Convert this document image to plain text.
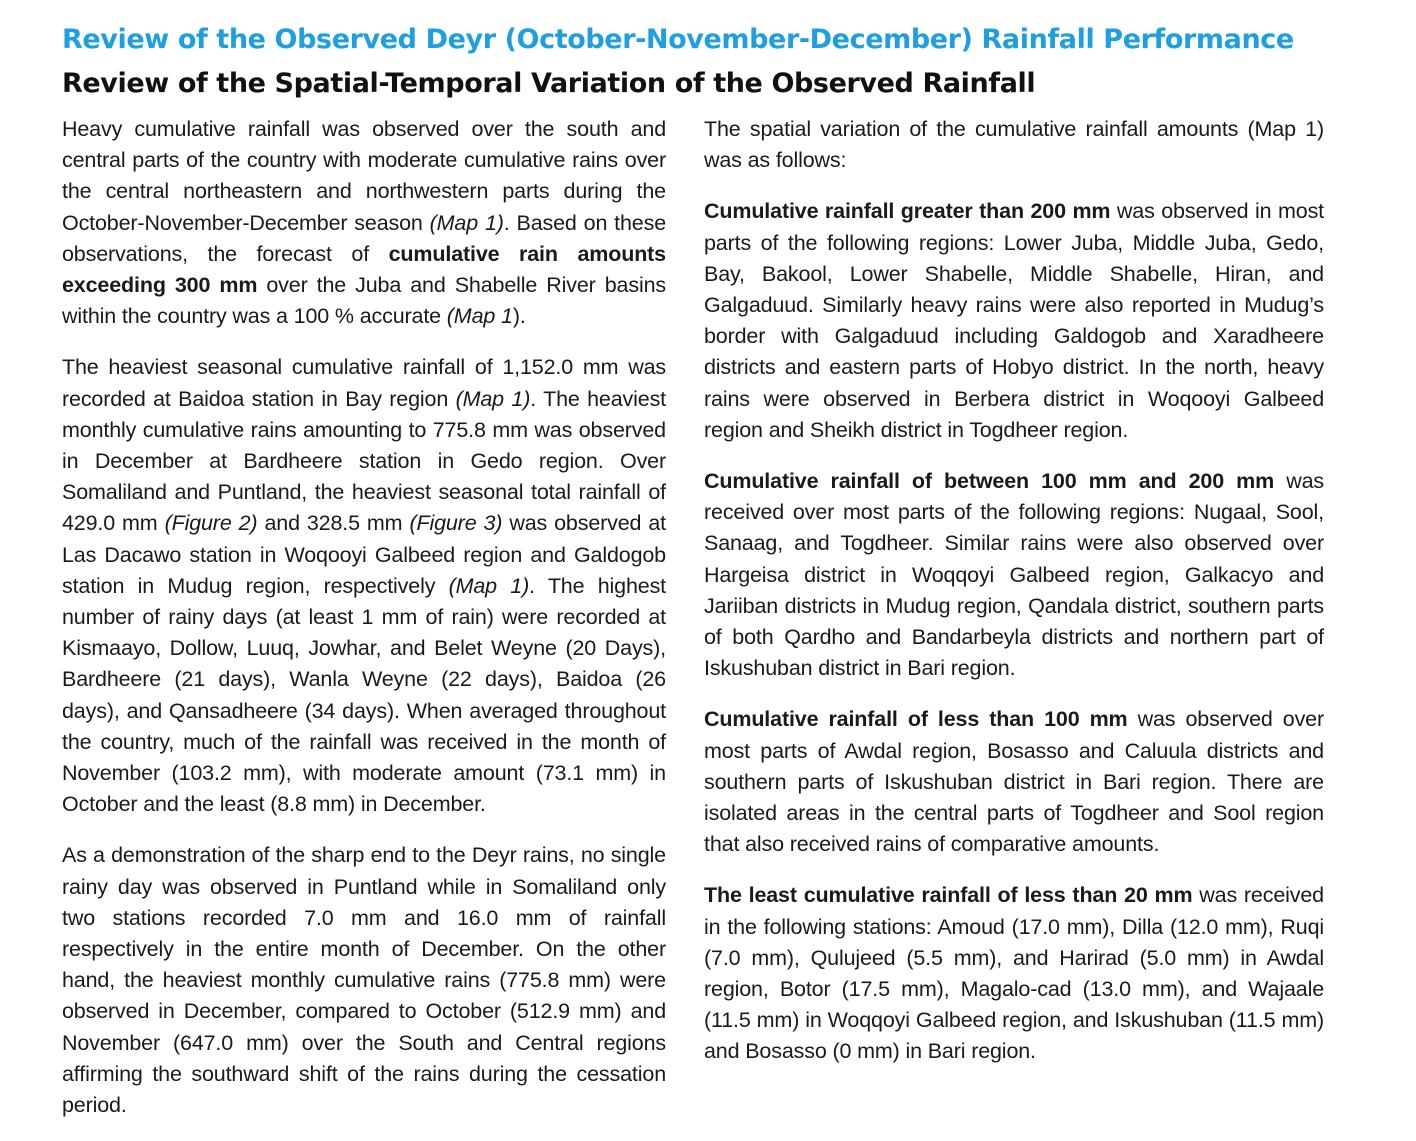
Review of the Observed Deyr (October-November-December) Rainfall Performance
Review of the Spatial-Temporal Variation of the Observed Rainfall

Heavy cumulative rainfall was observed over the south and central parts of the country with moderate cumulative rains over the central northeastern and northwestern parts during the October-November-December season (Map 1). Based on these observations, the forecast of cumulative rain amounts exceeding 300 mm over the Juba and Shabelle River basins within the country was a 100 % accurate (Map 1).

The heaviest seasonal cumulative rainfall of 1,152.0 mm was recorded at Baidoa station in Bay region (Map 1). The heaviest monthly cumulative rains amounting to 775.8 mm was observed in December at Bardheere station in Gedo region. Over Somaliland and Puntland, the heaviest seasonal total rainfall of 429.0 mm (Figure 2) and 328.5 mm (Figure 3) was observed at Las Dacawo station in Woqooyi Galbeed region and Galdogob station in Mudug region, respectively (Map 1). The highest number of rainy days (at least 1 mm of rain) were recorded at Kismaayo, Dollow, Luuq, Jowhar, and Belet Weyne (20 Days), Bardheere (21 days), Wanla Weyne (22 days), Baidoa (26 days), and Qansadheere (34 days). When averaged throughout the country, much of the rainfall was received in the month of November (103.2 mm), with moderate amount (73.1 mm) in October and the least (8.8 mm) in December.

As a demonstration of the sharp end to the Deyr rains, no single rainy day was observed in Puntland while in Somaliland only two stations recorded 7.0 mm and 16.0 mm of rainfall respectively in the entire month of December. On the other hand, the heaviest monthly cumulative rains (775.8 mm) were observed in December, compared to October (512.9 mm) and November (647.0 mm) over the South and Central regions affirming the southward shift of the rains during the cessation period.

The spatial variation of the cumulative rainfall amounts (Map 1) was as follows:

Cumulative rainfall greater than 200 mm was observed in most parts of the following regions: Lower Juba, Middle Juba, Gedo, Bay, Bakool, Lower Shabelle, Middle Shabelle, Hiran, and Galgaduud. Similarly heavy rains were also reported in Mudug’s border with Galgaduud including Galdogob and Xaradheere districts and eastern parts of Hobyo district. In the north, heavy rains were observed in Berbera district in Woqooyi Galbeed region and Sheikh district in Togdheer region.

Cumulative rainfall of between 100 mm and 200 mm was received over most parts of the following regions: Nugaal, Sool, Sanaag, and Togdheer. Similar rains were also observed over Hargeisa district in Woqqoyi Galbeed region, Galkacyo and Jariiban districts in Mudug region, Qandala district, southern parts of both Qardho and Bandarbeyla districts and northern part of Iskushuban district in Bari region.

Cumulative rainfall of less than 100 mm was observed over most parts of Awdal region, Bosasso and Caluula districts and southern parts of Iskushuban district in Bari region. There are isolated areas in the central parts of Togdheer and Sool region that also received rains of comparative amounts.

The least cumulative rainfall of less than 20 mm was received in the following stations: Amoud (17.0 mm), Dilla (12.0 mm), Ruqi (7.0 mm), Qulujeed (5.5 mm), and Harirad (5.0 mm) in Awdal region, Botor (17.5 mm), Magalo-cad (13.0 mm), and Wajaale (11.5 mm) in Woqqoyi Galbeed region, and Iskushuban (11.5 mm) and Bosasso (0 mm) in Bari region.
